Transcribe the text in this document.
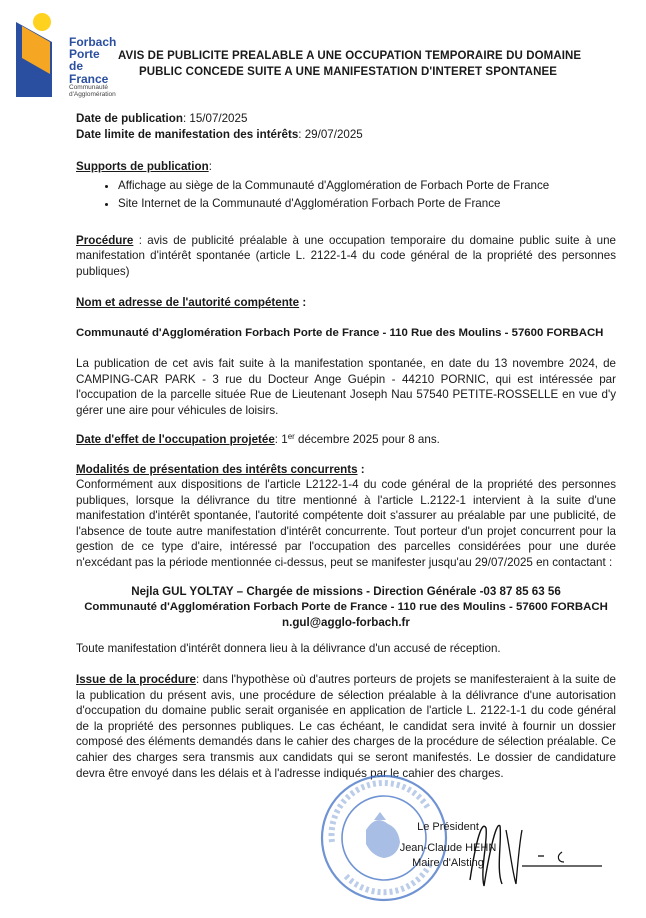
Forbach
Porte
de France
Communauté
d'Agglomération
AVIS DE PUBLICITE PREALABLE A UNE OCCUPATION TEMPORAIRE DU DOMAINE
PUBLIC CONCEDE SUITE A UNE MANIFESTATION D'INTERET SPONTANEE

Date de publication: 15/07/2025

Date limite de manifestation des intérêts: 29/07/2025

Supports de publication:

• Affichage au siège de la Communauté d'Agglomération de Forbach Porte de France
• Site Internet de la Communauté d'Agglomération Forbach Porte de France

Procédure : avis de publicité préalable à une occupation temporaire du domaine public suite à une manifestation d'intérêt spontanée (article L. 2122-1-4 du code général de la propriété des personnes publiques)

Nom et adresse de l'autorité compétente :

Communauté d'Agglomération Forbach Porte de France - 110 Rue des Moulins - 57600 FORBACH

La publication de cet avis fait suite à la manifestation spontanée, en date du 13 novembre 2024, de CAMPING-CAR PARK - 3 rue du Docteur Ange Guépin - 44210 PORNIC, qui est intéressée par l'occupation de la parcelle située Rue de Lieutenant Joseph Nau 57540 PETITE-ROSSELLE en vue d'y gérer une aire pour véhicules de loisirs.

Date d'effet de l'occupation projetée: 1er décembre 2025 pour 8 ans.

Modalités de présentation des intérêts concurrents :

Conformément aux dispositions de l'article L2122-1-4 du code général de la propriété des personnes publiques, lorsque la délivrance du titre mentionné à l'article L.2122-1 intervient à la suite d'une manifestation d'intérêt spontanée, l'autorité compétente doit s'assurer au préalable par une publicité, de l'absence de toute autre manifestation d'intérêt concurrente. Tout porteur d'un projet concurrent pour la gestion de ce type d'aire, intéressé par l'occupation des parcelles considérées pour une durée n'excédant pas la période mentionnée ci-dessus, peut se manifester jusqu'au 29/07/2025 en contactant :

Nejla GUL YOLTAY – Chargée de missions - Direction Générale -03 87 85 63 56

Communauté d'Agglomération Forbach Porte de France - 110 rue des Moulins - 57600 FORBACH

n.gul@agglo-forbach.fr

Toute manifestation d'intérêt donnera lieu à la délivrance d'un accusé de réception.

Issue de la procédure: dans l'hypothèse où d'autres porteurs de projets se manifesteraient à la suite de la publication du présent avis, une procédure de sélection préalable à la délivrance d'une autorisation d'occupation du domaine public serait organisée en application de l'article L. 2122-1-1 du code général de la propriété des personnes publiques. Le cas échéant, le candidat sera invité à fournir un dossier composé des éléments demandés dans le cahier des charges de la procédure de sélection préalable. Ce cahier des charges sera transmis aux candidats qui se seront manifestés. Le dossier de candidature devra être envoyé dans les délais et à l'adresse indiqués par le cahier des charges.

Le Président
Jean-Claude HEHN
Maire d'Alsting
